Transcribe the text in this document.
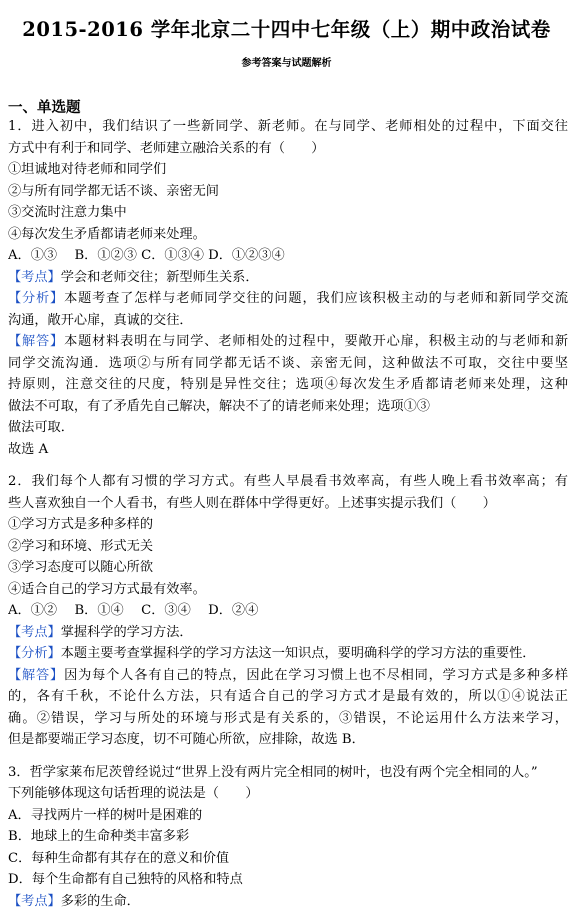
2015-2016 学年北京二十四中七年级（上）期中政治试卷
参考答案与试题解析
一、单选题
1．进入初中，我们结识了一些新同学、新老师。在与同学、老师相处的过程中，下面交往
方式中有利于和同学、老师建立融洽关系的有（　　）
①坦诚地对待老师和同学们
②与所有同学都无话不谈、亲密无间
③交流时注意力集中
④每次发生矛盾都请老师来处理。
A．①③　 B．①②③ C．①③④ D．①②③④
【考点】学会和老师交往；新型师生关系．
【分析】本题考查了怎样与老师同学交往的问题，我们应该积极主动的与老师和新同学交流
沟通，敞开心扉，真诚的交往．
【解答】本题材料表明在与同学、老师相处的过程中，要敞开心扉，积极主动的与老师和新
同学交流沟通．选项②与所有同学都无话不谈、亲密无间，这种做法不可取，交往中要坚
持原则，注意交往的尺度，特别是异性交往；选项④每次发生矛盾都请老师来处理，这种
做法不可取，有了矛盾先自己解决，解决不了的请老师来处理；选项①③
做法可取．
故选 A
2．我们每个人都有习惯的学习方式。有些人早晨看书效率高，有些人晚上看书效率高；有
些人喜欢独自一个人看书，有些人则在群体中学得更好。上述事实提示我们（　　）
①学习方式是多种多样的
②学习和环境、形式无关
③学习态度可以随心所欲
④适合自己的学习方式最有效率。
A．①②　 B．①④　 C．③④　 D．②④
【考点】掌握科学的学习方法．
【分析】本题主要考查掌握科学的学习方法这一知识点，要明确科学的学习方法的重要性．
【解答】因为每个人各有自己的特点，因此在学习习惯上也不尽相同，学习方式是多种多样
的，各有千秋，不论什么方法，只有适合自己的学习方式才是最有效的，所以①④说法正
确。②错误，学习与所处的环境与形式是有关系的，③错误，不论运用什么方法来学习，
但是都要端正学习态度，切不可随心所欲，应排除，故选 B．
3．哲学家莱布尼茨曾经说过“世界上没有两片完全相同的树叶，也没有两个完全相同的人。”
下列能够体现这句话哲理的说法是（　　）
A．寻找两片一样的树叶是困难的
B．地球上的生命种类丰富多彩
C．每种生命都有其存在的意义和价值
D．每个生命都有自己独特的风格和特点
【考点】多彩的生命．
